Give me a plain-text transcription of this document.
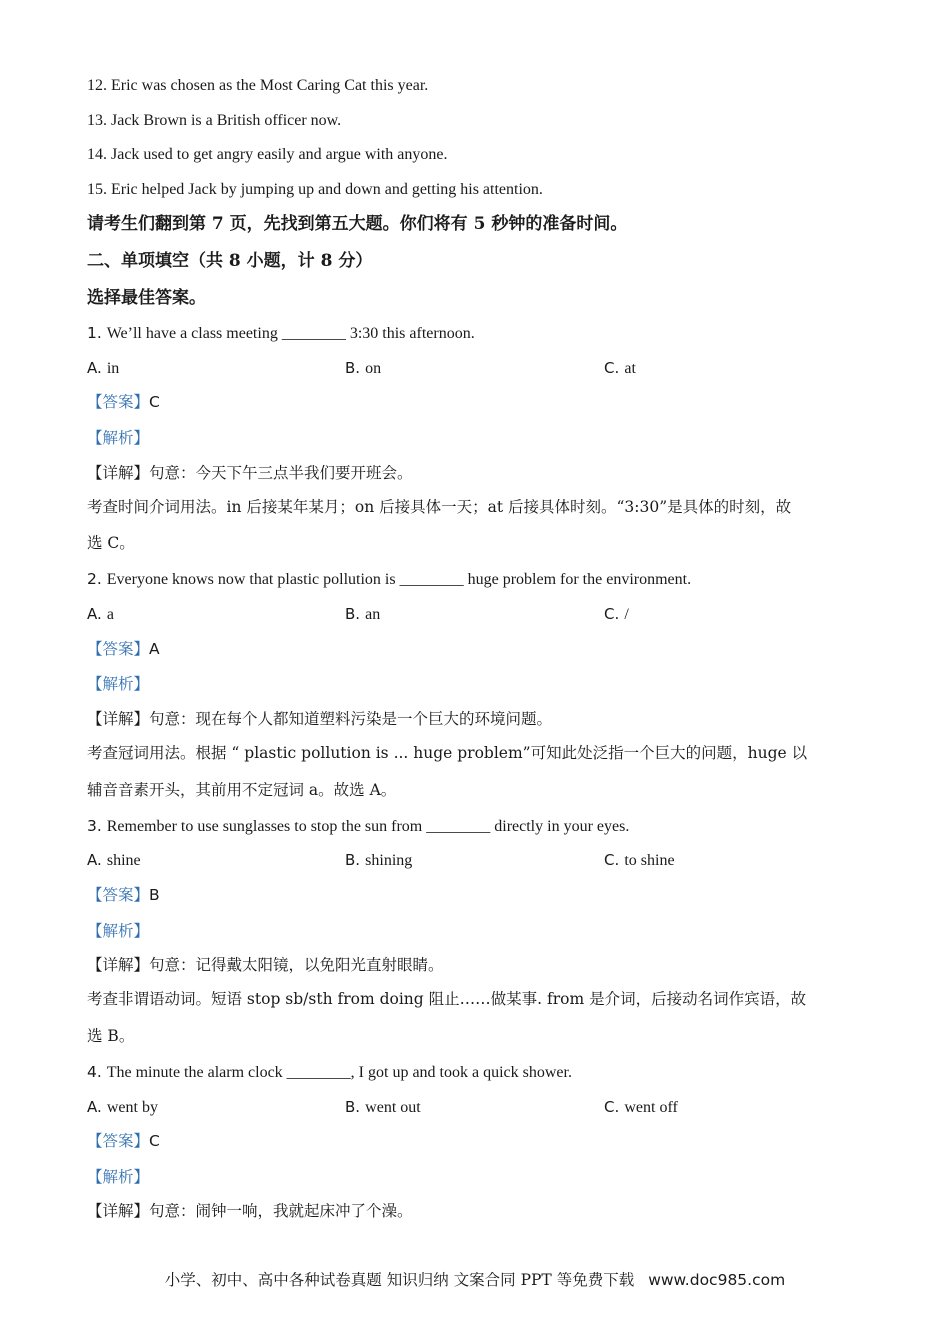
12. Eric was chosen as the Most Caring Cat this year.
13. Jack Brown is a British officer now.
14. Jack used to get angry easily and argue with anyone.
15. Eric helped Jack by jumping up and down and getting his attention.
请考生们翻到第 7 页，先找到第五大题。你们将有 5 秒钟的准备时间。
二、单项填空（共 8 小题，计 8 分）
选择最佳答案。
1. We’ll have a class meeting ________ 3:30 this afternoon.
A. in	B. on	C. at
【答案】C
【解析】
【详解】句意：今天下午三点半我们要开班会。
考查时间介词用法。in 后接某年某月；on 后接具体一天；at 后接具体时刻。“3:30”是具体的时刻，故
选 C。
2. Everyone knows now that plastic pollution is ________ huge problem for the environment.
A. a	B. an	C. /
【答案】A
【解析】
【详解】句意：现在每个人都知道塑料污染是一个巨大的环境问题。
考查冠词用法。根据 “ plastic pollution is ... huge problem”可知此处泛指一个巨大的问题，huge 以
辅音音素开头，其前用不定冠词 a。故选 A。
3. Remember to use sunglasses to stop the sun from ________ directly in your eyes.
A. shine	B. shining	C. to shine
【答案】B
【解析】
【详解】句意：记得戴太阳镜，以免阳光直射眼睛。
考查非谓语动词。短语 stop sb/sth from doing 阻止……做某事. from 是介词，后接动名词作宾语，故
选 B。
4. The minute the alarm clock ________, I got up and took a quick shower.
A. went by	B. went out	C. went off
【答案】C
【解析】
【详解】句意：闹钟一响，我就起床冲了个澡。
小学、初中、高中各种试卷真题 知识归纳 文案合同 PPT 等免费下载 www.doc985.com
